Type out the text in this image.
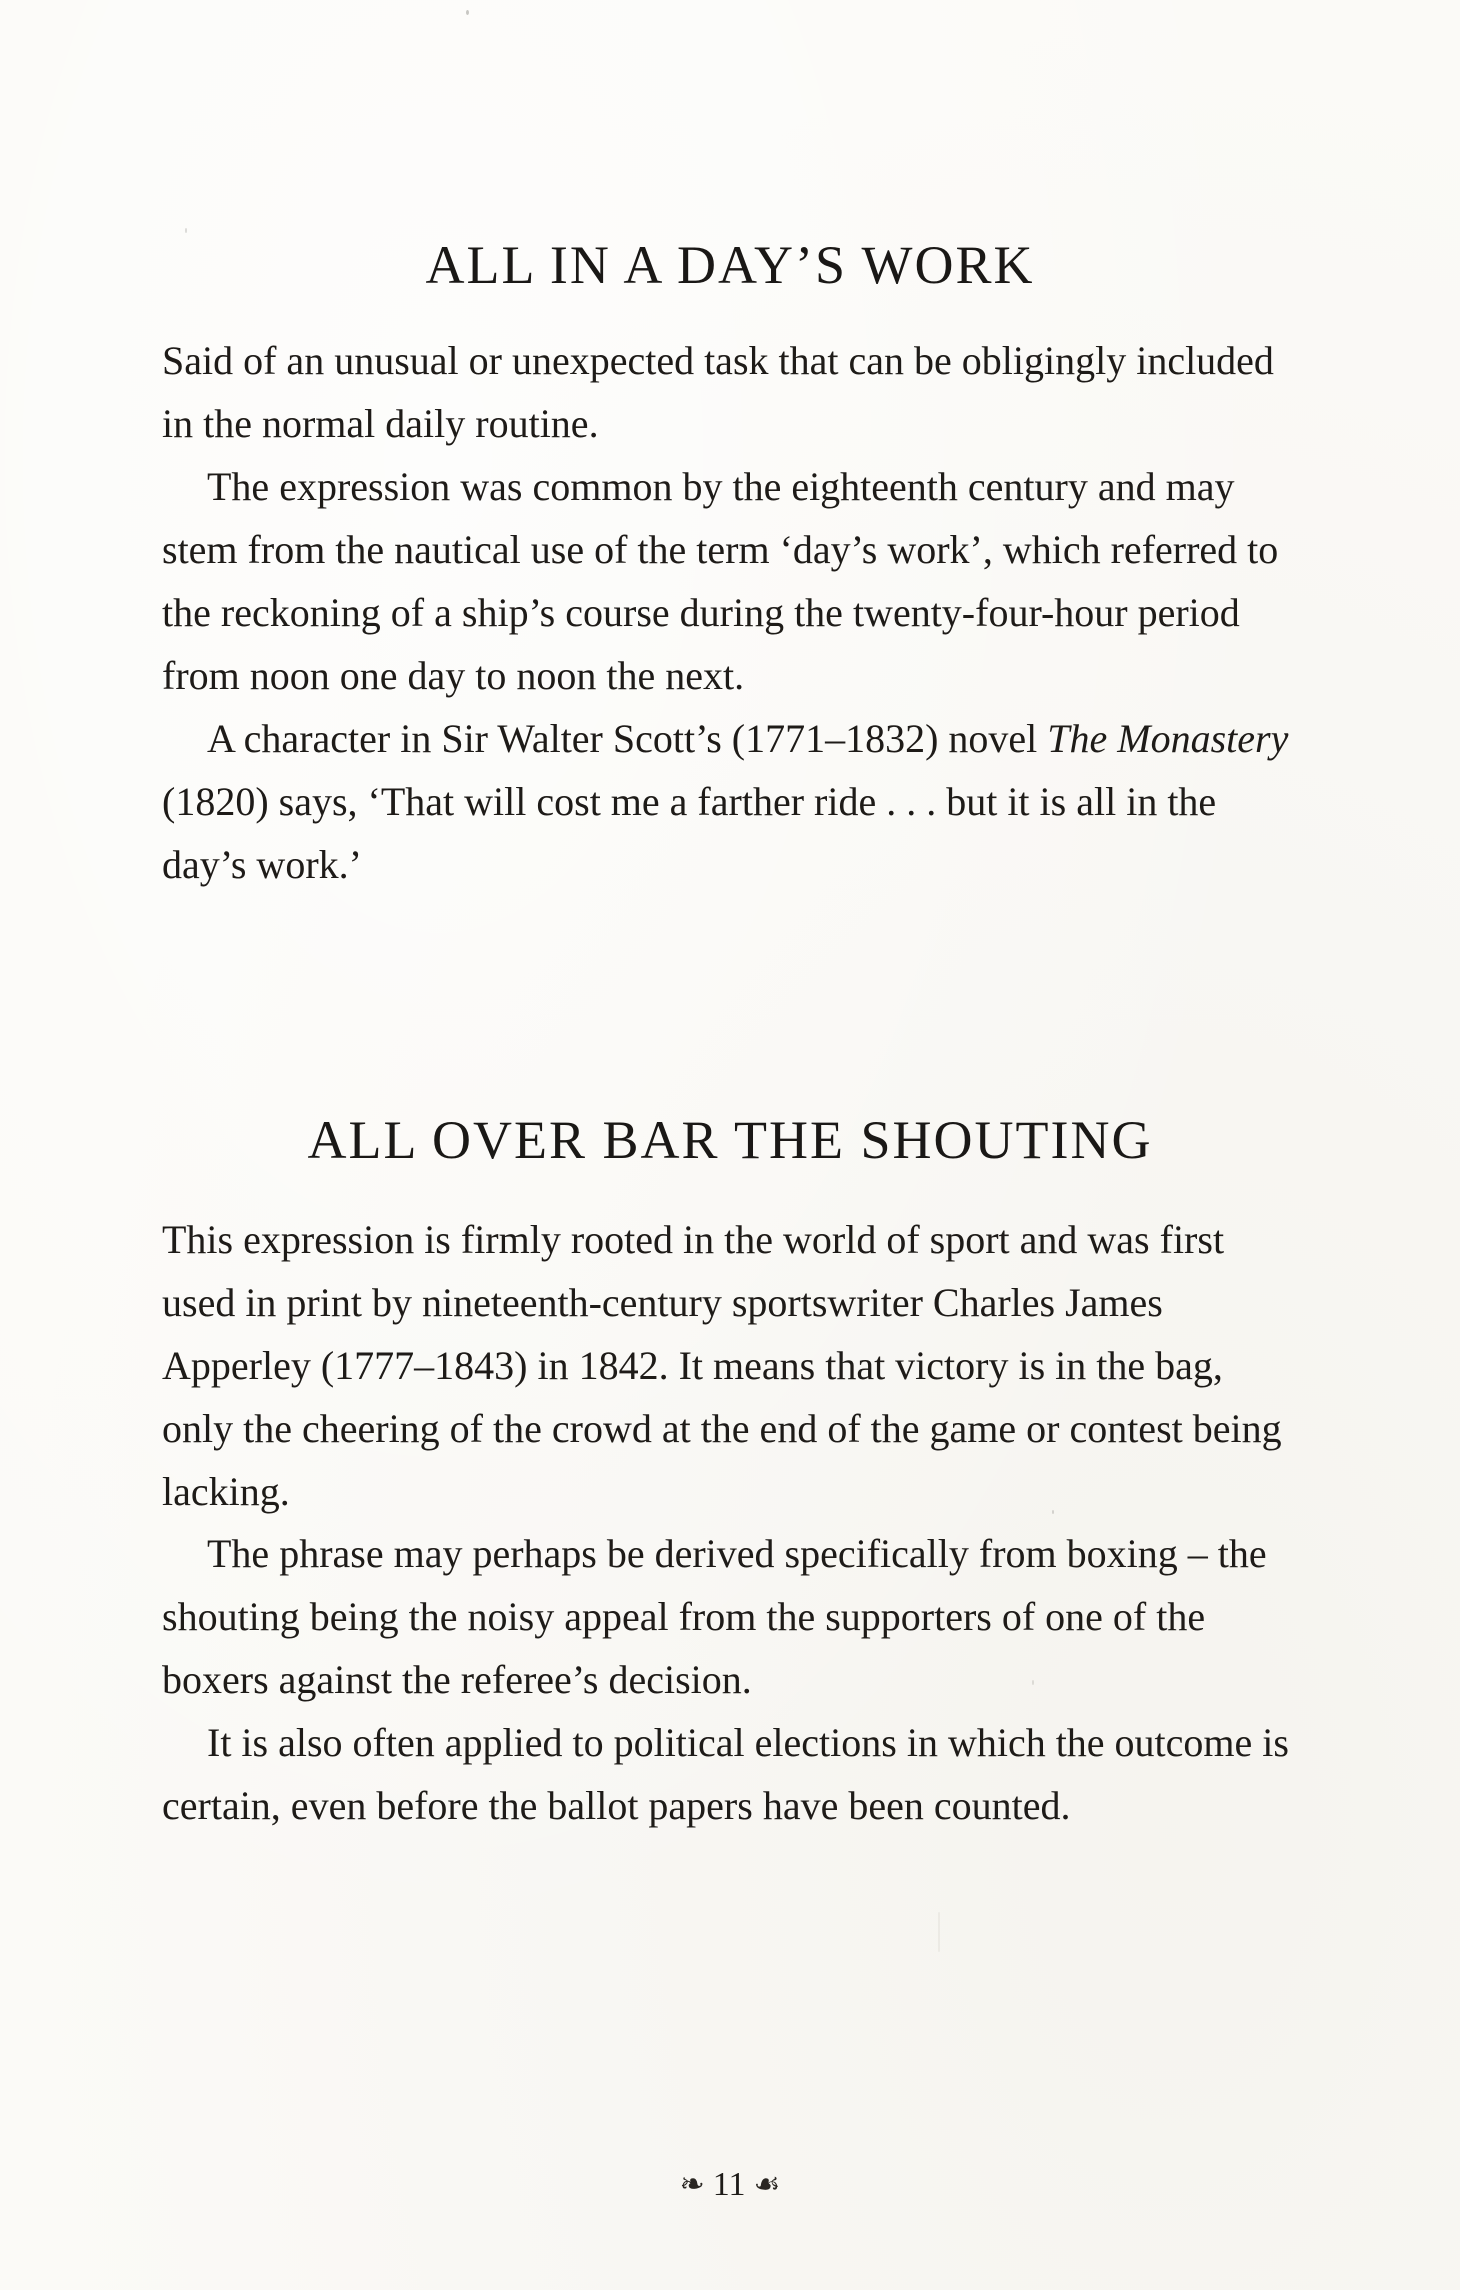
ALL IN A DAY’S WORK

Said of an unusual or unexpected task that can be obligingly included in the normal daily routine.

The expression was common by the eighteenth century and may stem from the nautical use of the term ‘day’s work’, which referred to the reckoning of a ship’s course during the twenty-four-hour period from noon one day to noon the next.

A character in Sir Walter Scott’s (1771–1832) novel The Monastery (1820) says, ‘That will cost me a farther ride . . . but it is all in the day’s work.’

ALL OVER BAR THE SHOUTING

This expression is firmly rooted in the world of sport and was first used in print by nineteenth-century sportswriter Charles James Apperley (1777–1843) in 1842. It means that victory is in the bag, only the cheering of the crowd at the end of the game or contest being lacking.

The phrase may perhaps be derived specifically from boxing – the shouting being the noisy appeal from the supporters of one of the boxers against the referee’s decision.

It is also often applied to political elections in which the outcome is certain, even before the ballot papers have been counted.

❧ 11 ☙
